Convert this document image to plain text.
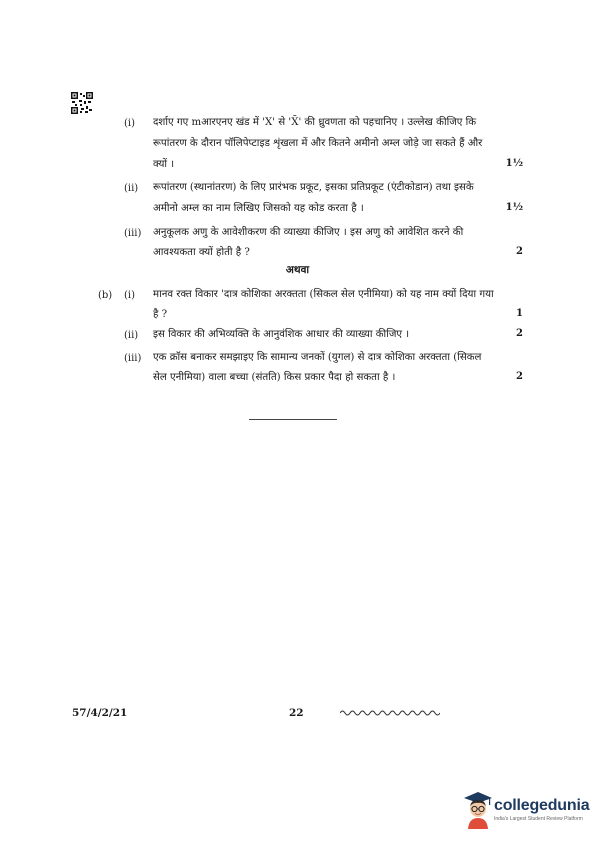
(i) दर्शाए गए mआरएनए खंड में 'X' से 'X̄' की ध्रुवणता को पहचानिए । उल्लेख कीजिए कि
रूपांतरण के दौरान पॉलिपेप्टाइड शृंखला में और कितने अमीनो अम्ल जोड़े जा सकते हैं और
क्यों ।	1½
(ii) रूपांतरण (स्थानांतरण) के लिए प्रारंभक प्रकूट, इसका प्रतिप्रकूट (एंटीकोडान) तथा इसके
अमीनो अम्ल का नाम लिखिए जिसको यह कोड करता है ।	1½
(iii) अनुकूलक अणु के आवेशीकरण की व्याख्या कीजिए । इस अणु को आवेशित करने की
आवश्यकता क्यों होती है ?	2
अथवा
(b) (i) मानव रक्त विकार 'दात्र कोशिका अरक्तता (सिकल सेल एनीमिया) को यह नाम क्यों दिया गया
है ?	1
(ii) इस विकार की अभिव्यक्ति के आनुवंशिक आधार की व्याख्या कीजिए ।	2
(iii) एक क्रॉस बनाकर समझाइए कि सामान्य जनकों (युगल) से दात्र कोशिका अरक्तता (सिकल
सेल एनीमिया) वाला बच्चा (संतति) किस प्रकार पैदा हो सकता है ।	2
57/4/2/21	22
collegedunia
India's Largest Student Review Platform
